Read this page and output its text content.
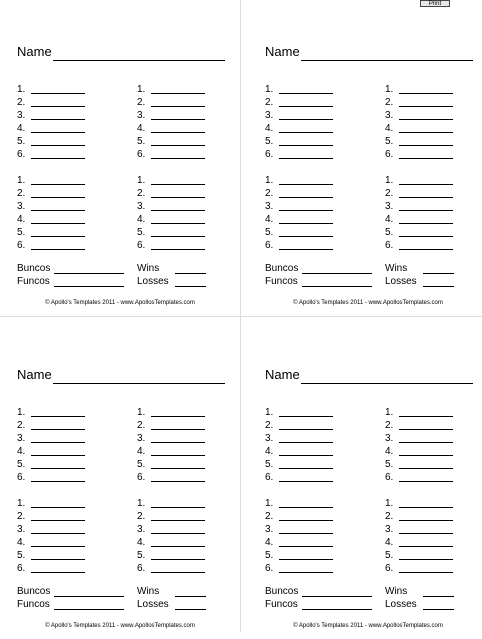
Print
Name
1.
2.
3.
4.
5.
6.
1.
2.
3.
4.
5.
6.
1.
2.
3.
4.
5.
6.
1.
2.
3.
4.
5.
6.
Buncos
Funcos
Wins
Losses
© Apollo's Templates 2011 - www.ApollosTemplates.com
Name
1.
2.
3.
4.
5.
6.
1.
2.
3.
4.
5.
6.
1.
2.
3.
4.
5.
6.
1.
2.
3.
4.
5.
6.
Buncos
Funcos
Wins
Losses
© Apollo's Templates 2011 - www.ApollosTemplates.com
Name
1.
2.
3.
4.
5.
6.
1.
2.
3.
4.
5.
6.
1.
2.
3.
4.
5.
6.
1.
2.
3.
4.
5.
6.
Buncos
Funcos
Wins
Losses
© Apollo's Templates 2011 - www.ApollosTemplates.com
Name
1.
2.
3.
4.
5.
6.
1.
2.
3.
4.
5.
6.
1.
2.
3.
4.
5.
6.
1.
2.
3.
4.
5.
6.
Buncos
Funcos
Wins
Losses
© Apollo's Templates 2011 - www.ApollosTemplates.com
